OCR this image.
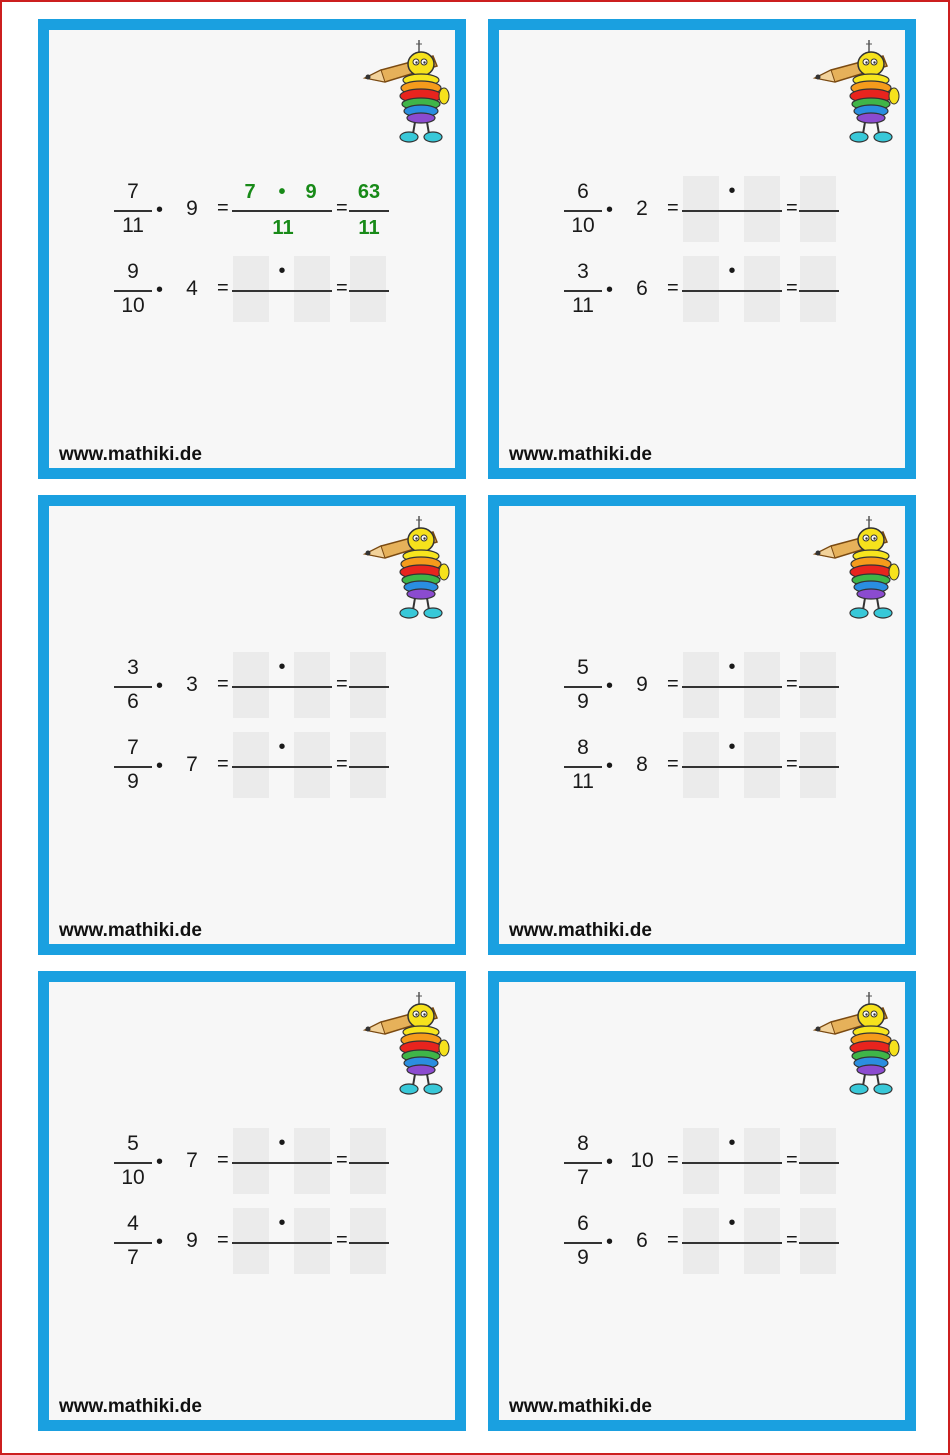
www.mathiki.de
7
11
•	9 =	=
7	• 9
11
63
11
9
10
•	4 =
•
=
www.mathiki.de
6
10
•	2 =
•
=
3
11
•	6 =
•
=
www.mathiki.de
3
6
•	3 =
•
=
7
9
•	7 =
•
=
www.mathiki.de
5
9
•	9 =
•
=
8
11
•	8 =
•
=
www.mathiki.de
5
10
•	7 =
•
=
4
7
•	9 =
•
=
www.mathiki.de
8
7
• 10 =
•
=
6
9
•	6 =
•
=
